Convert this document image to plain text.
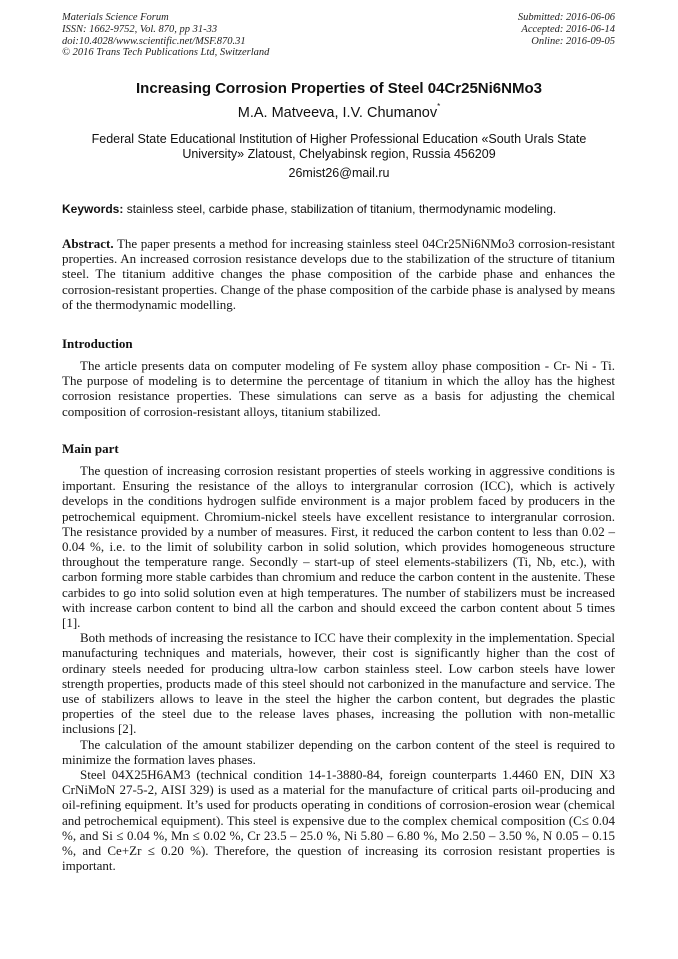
Materials Science Forum
ISSN: 1662-9752, Vol. 870, pp 31-33
doi:10.4028/www.scientific.net/MSF.870.31
© 2016 Trans Tech Publications Ltd, Switzerland
Submitted: 2016-06-06
Accepted: 2016-06-14
Online: 2016-09-05
Increasing Corrosion Properties of Steel 04Cr25Ni6NMo3
M.A. Matveeva, I.V. Chumanov*
Federal State Educational Institution of Higher Professional Education «South Urals State University» Zlatoust, Chelyabinsk region, Russia 456209
26mist26@mail.ru
Keywords: stainless steel, carbide phase, stabilization of titanium, thermodynamic modeling.

Abstract. The paper presents a method for increasing stainless steel 04Cr25Ni6NMo3 corrosion-resistant properties. An increased corrosion resistance develops due to the stabilization of the structure of titanium steel. The titanium additive changes the phase composition of the carbide phase and enhances the corrosion-resistant properties. Change of the phase composition of the carbide phase is analysed by means of the thermodynamic modelling.

Introduction

The article presents data on computer modeling of Fe system alloy phase composition - Cr- Ni - Ti. The purpose of modeling is to determine the percentage of titanium in which the alloy has the highest corrosion resistance properties. These simulations can serve as a basis for adjusting the chemical composition of corrosion-resistant alloys, titanium stabilized.

Main part

The question of increasing corrosion resistant properties of steels working in aggressive conditions is important. Ensuring the resistance of the alloys to intergranular corrosion (ICC), which is actively develops in the conditions hydrogen sulfide environment is a major problem faced by producers in the petrochemical equipment. Chromium-nickel steels have excellent resistance to intergranular corrosion. The resistance provided by a number of measures. First, it reduced the carbon content to less than 0.02 – 0.04 %, i.e. to the limit of solubility carbon in solid solution, which provides homogeneous structure throughout the temperature range. Secondly – start-up of steel elements-stabilizers (Ti, Nb, etc.), with carbon forming more stable carbides than chromium and reduce the carbon content in the austenite. These carbides to go into solid solution even at high temperatures. The number of stabilizers must be increased with increase carbon content to bind all the carbon and should exceed the carbon content about 5 times [1].

Both methods of increasing the resistance to ICC have their complexity in the implementation. Special manufacturing techniques and materials, however, their cost is significantly higher than the cost of ordinary steels needed for producing ultra-low carbon stainless steel. Low carbon steels have lower strength properties, products made of this steel should not carbonized in the manufacture and service. The use of stabilizers allows to leave in the steel the higher the carbon content, but degrades the plastic properties of the steel due to the release laves phases, increasing the pollution with non-metallic inclusions [2].

The calculation of the amount stabilizer depending on the carbon content of the steel is required to minimize the formation laves phases.

Steel 04X25H6AM3 (technical condition 14-1-3880-84, foreign counterparts 1.4460 EN, DIN X3 CrNiMoN 27-5-2, AISI 329) is used as a material for the manufacture of critical parts oil-producing and oil-refining equipment. It’s used for products operating in conditions of corrosion-erosion wear (chemical and petrochemical equipment). This steel is expensive due to the complex chemical composition (C≤ 0.04 %, and Si ≤ 0.04 %, Mn ≤ 0.02 %, Cr 23.5 – 25.0 %, Ni 5.80 – 6.80 %, Mo 2.50 – 3.50 %, N 0.05 – 0.15 %, and Ce+Zr ≤ 0.20 %). Therefore, the question of increasing its corrosion resistant properties is important.
